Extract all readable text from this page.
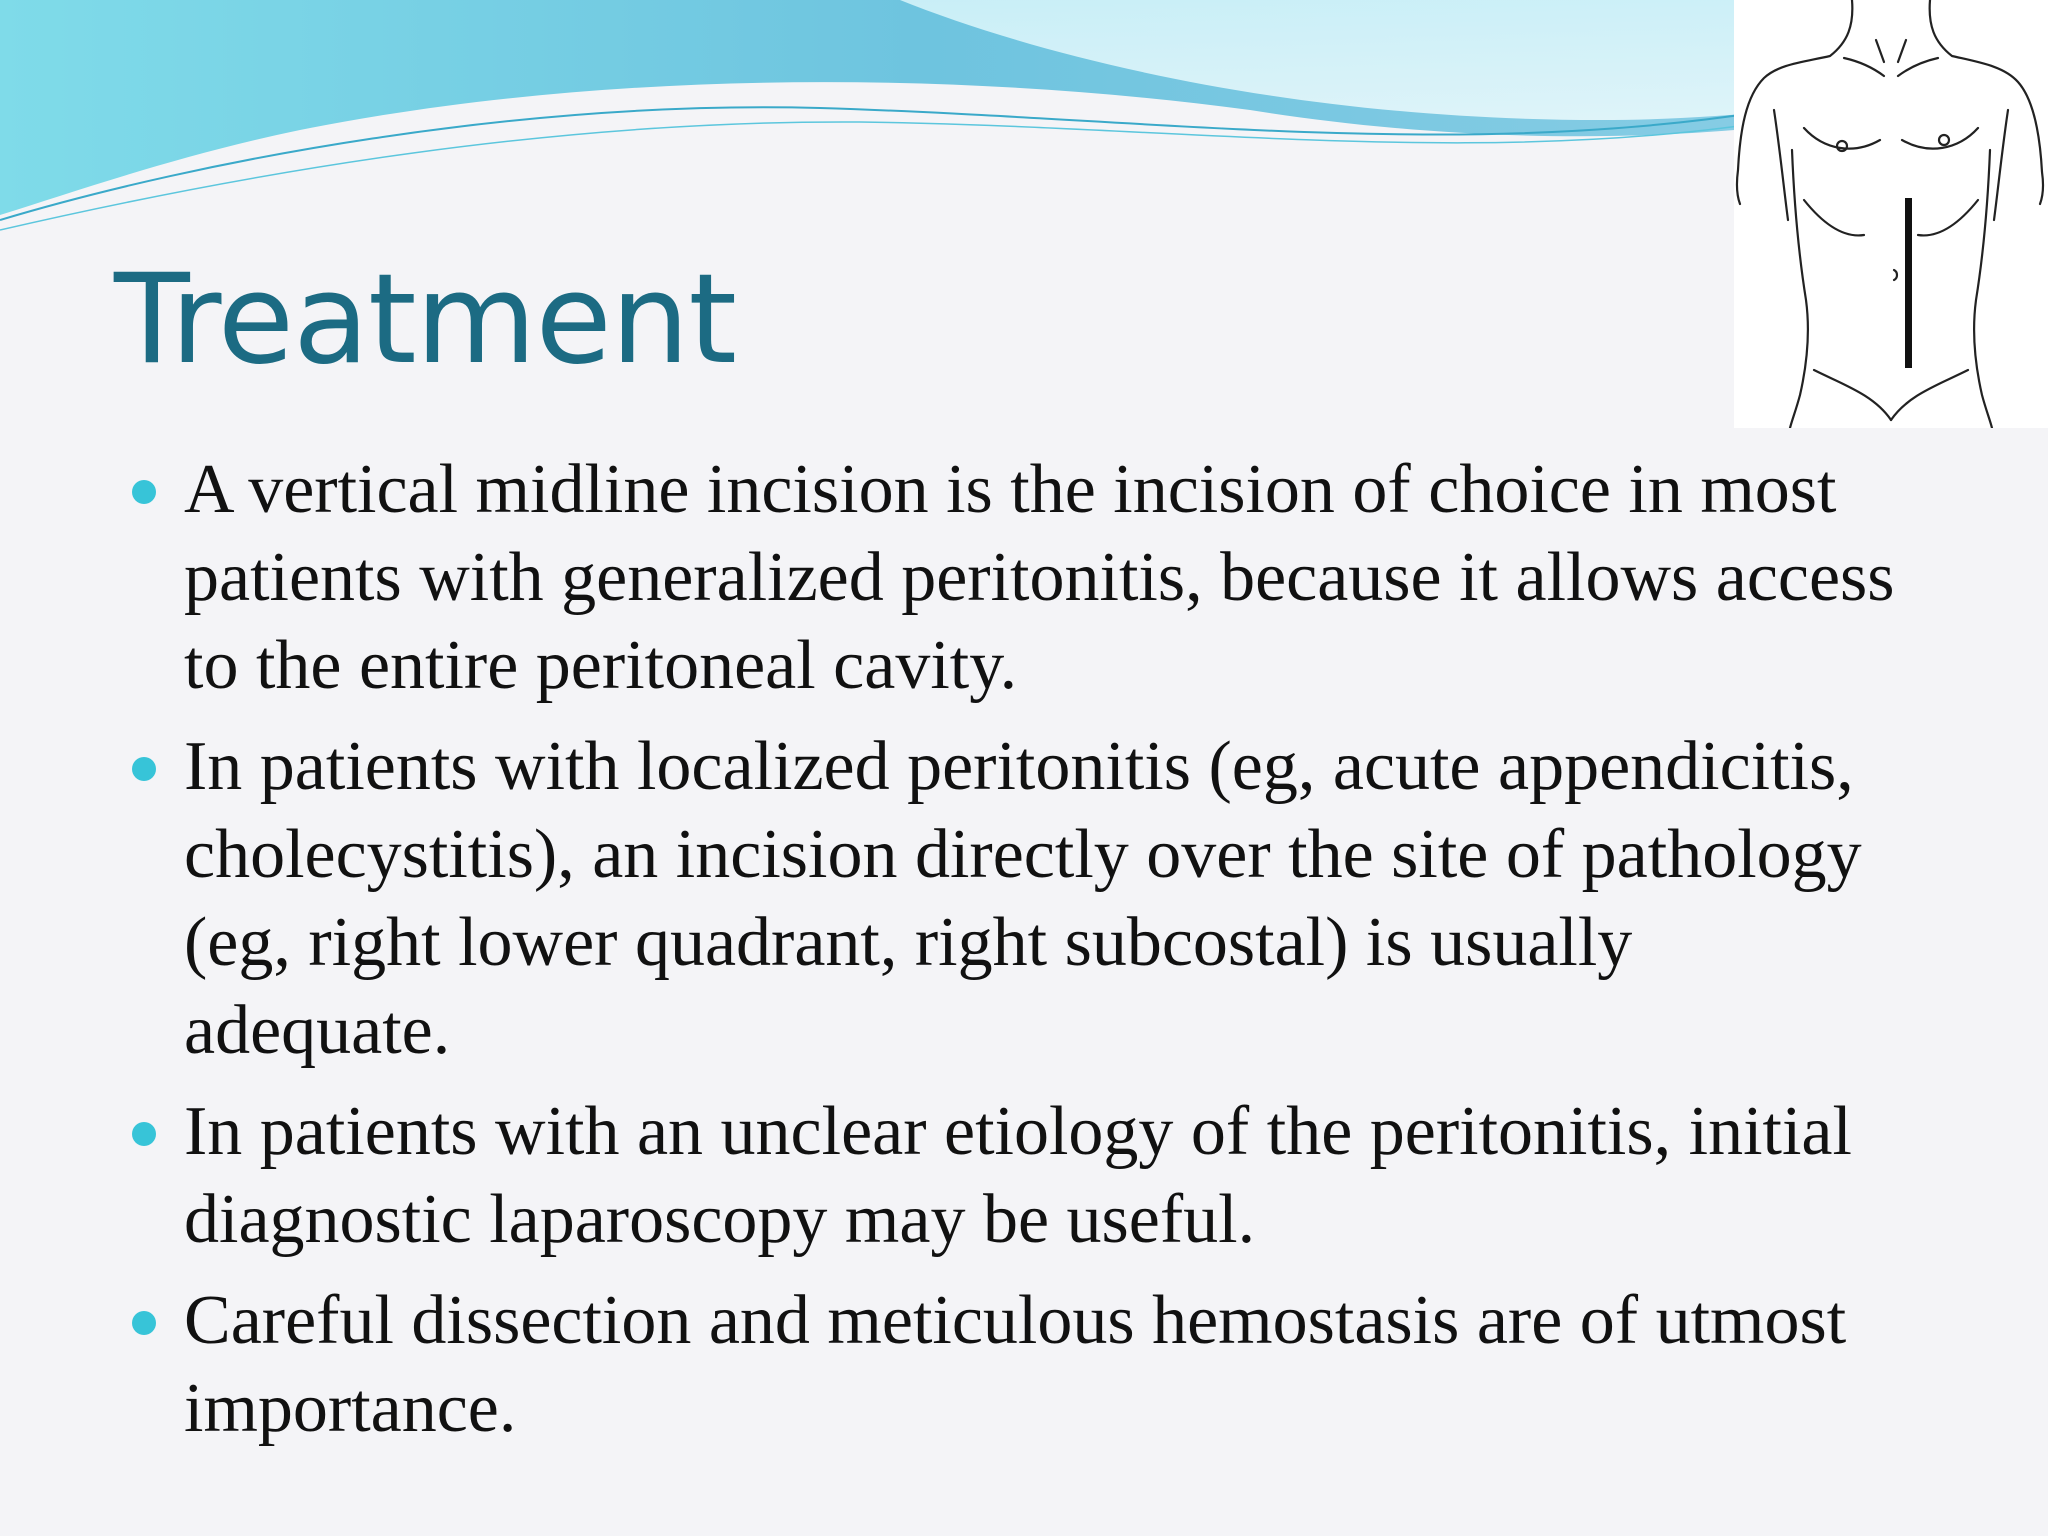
Treatment
A vertical midline incision is the incision of choice in most patients with generalized peritonitis, because it allows access to the entire peritoneal cavity.
In patients with localized peritonitis (eg, acute appendicitis, cholecystitis), an incision directly over the site of pathology (eg, right lower quadrant, right subcostal) is usually adequate.
In patients with an unclear etiology of the peritonitis, initial diagnostic laparoscopy may be useful.
Careful dissection and meticulous hemostasis are of utmost importance.
